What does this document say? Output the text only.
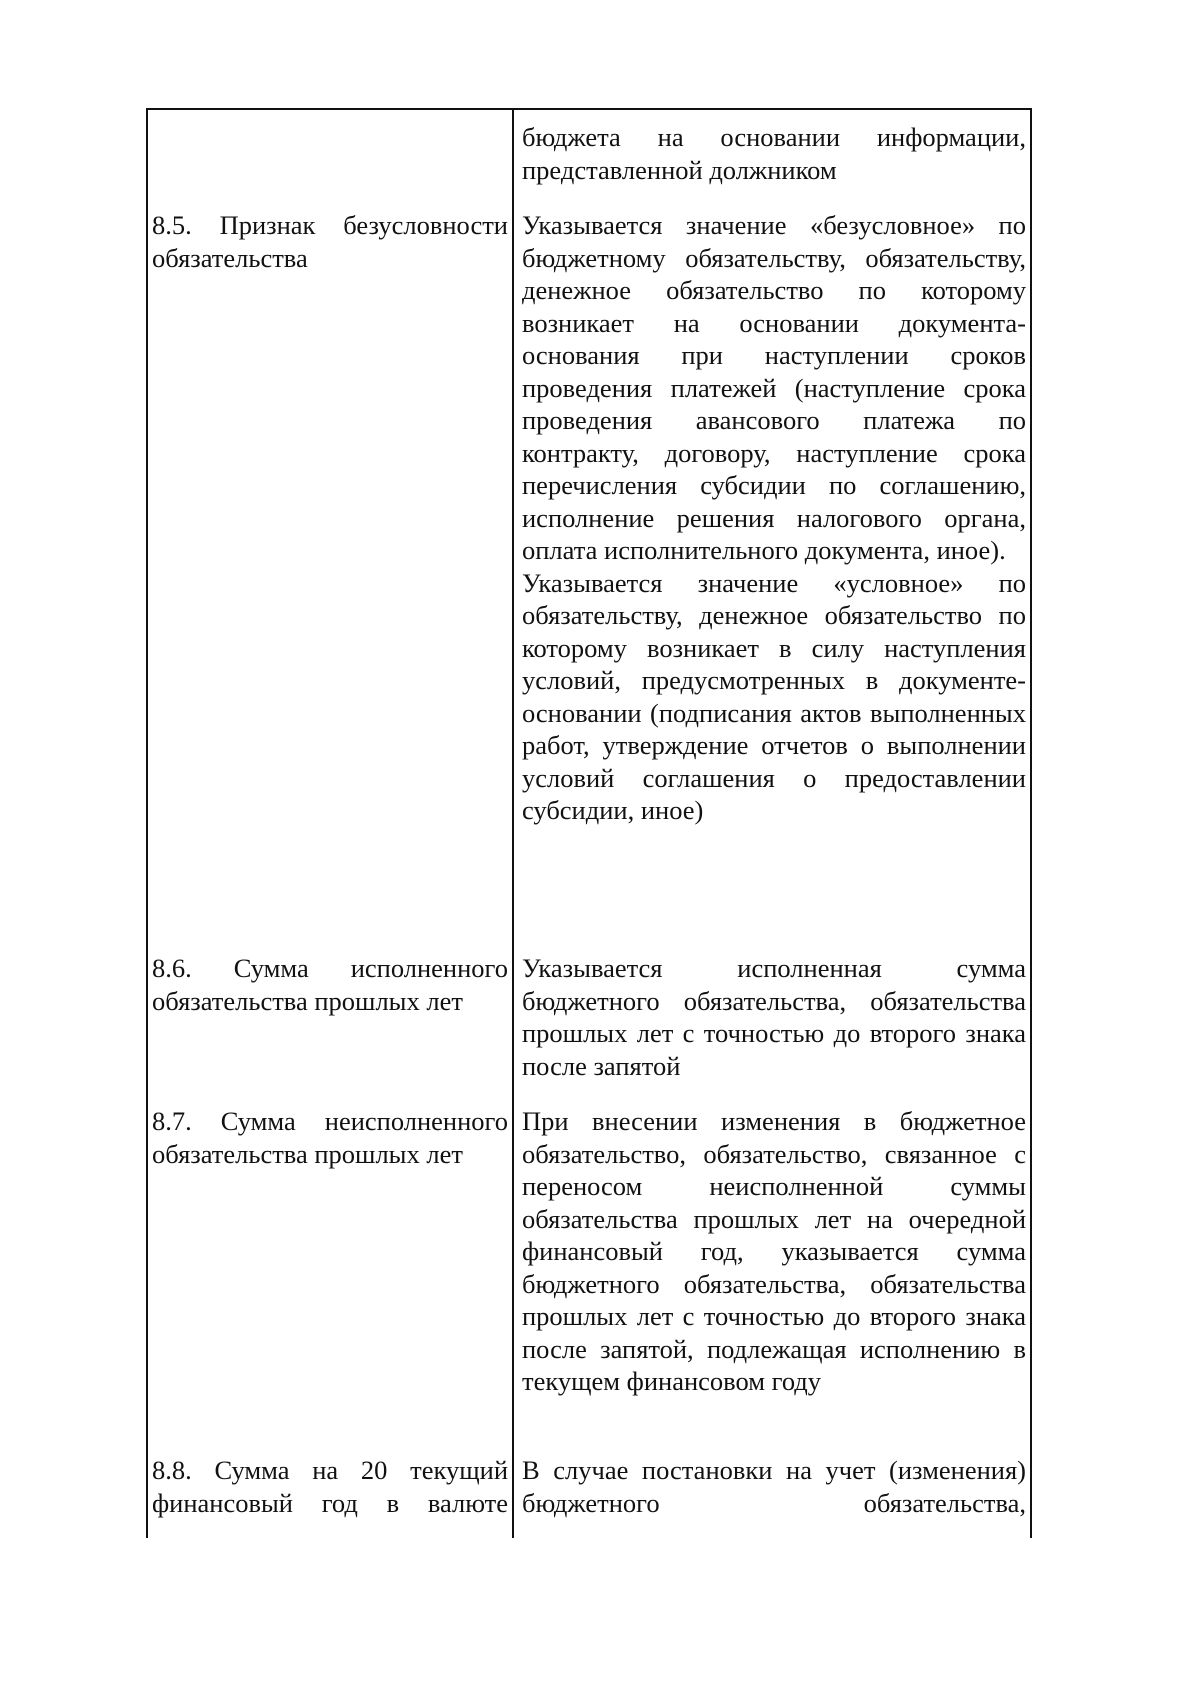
бюджета на основании информации, представленной должником

8.5. Признак безусловности обязательства

Указывается значение «безусловное» по бюджетному обязательству, обязательству, денежное обязательство по которому возникает на основании документа-основания при наступлении сроков проведения платежей (наступление срока проведения авансового платежа по контракту, договору, наступление срока перечисления субсидии по соглашению, исполнение решения налогового органа, оплата исполнительного документа, иное).

Указывается значение «условное» по обязательству, денежное обязательство по которому возникает в силу наступления условий, предусмотренных в документе-основании (подписания актов выполненных работ, утверждение отчетов о выполнении условий соглашения о предоставлении субсидии, иное)

8.6. Сумма исполненного обязательства прошлых лет

Указывается исполненная сумма бюджетного обязательства, обязательства прошлых лет с точностью до второго знака после запятой

8.7. Сумма неисполненного обязательства прошлых лет

При внесении изменения в бюджетное обязательство, обязательство, связанное с переносом неисполненной суммы обязательства прошлых лет на очередной финансовый год, указывается сумма бюджетного обязательства, обязательства прошлых лет с точностью до второго знака после запятой, подлежащая исполнению в текущем финансовом году

8.8. Сумма на 20 текущий финансовый год в валюте

В случае постановки на учет (изменения) бюджетного обязательства,
